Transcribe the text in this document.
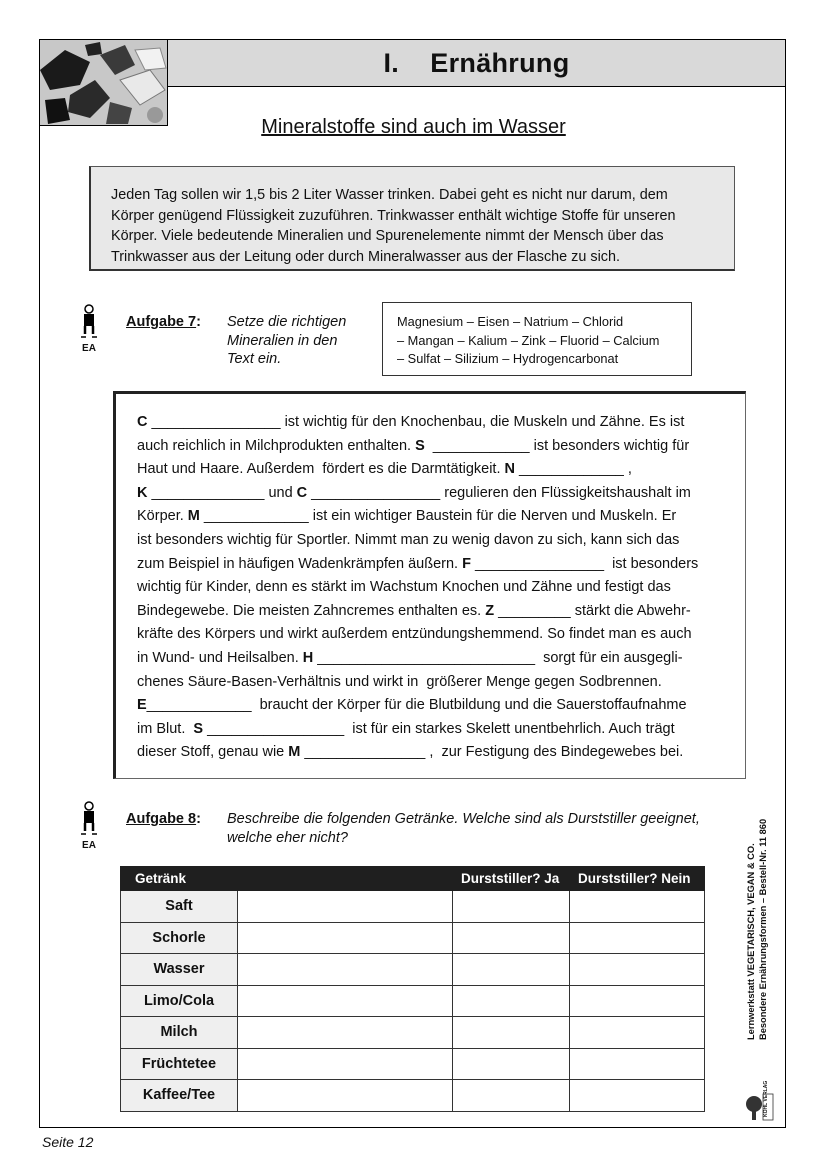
I.    Ernährung
Mineralstoffe sind auch im Wasser
Jeden Tag sollen wir 1,5 bis 2 Liter Wasser trinken. Dabei geht es nicht nur darum, dem
Körper genügend Flüssigkeit zuzuführen. Trinkwasser enthält wichtige Stoffe für unseren
Körper. Viele bedeutende Mineralien und Spurenelemente nimmt der Mensch über das
Trinkwasser aus der Leitung oder durch Mineralwasser aus der Flasche zu sich.
EA
Aufgabe 7: Setze die richtigen
Mineralien in den
Text ein.
Magnesium – Eisen – Natrium – Chlorid
– Mangan – Kalium – Zink – Fluorid – Calcium
– Sulfat – Silizium – Hydrogencarbonat

C ________________ ist wichtig für den Knochenbau, die Muskeln und Zähne. Es ist

auch reichlich in Milchprodukten enthalten. S  ____________ ist besonders wichtig für

Haut und Haare. Außerdem  fördert es die Darmtätigkeit. N _____________ ,

K ______________ und C ________________ regulieren den Flüssigkeitshaushalt im

Körper. M _____________ ist ein wichtiger Baustein für die Nerven und Muskeln. Er

ist besonders wichtig für Sportler. Nimmt man zu wenig davon zu sich, kann sich das

zum Beispiel in häufigen Wadenkrämpfen äußern. F ________________  ist besonders

wichtig für Kinder, denn es stärkt im Wachstum Knochen und Zähne und festigt das

Bindegewebe. Die meisten Zahncremes enthalten es. Z _________ stärkt die Abwehr-

kräfte des Körpers und wirkt außerdem entzündungshemmend. So findet man es auch

in Wund- und Heilsalben. H ___________________________  sorgt für ein ausgegli-

chenes Säure-Basen-Verhältnis und wirkt in  größerer Menge gegen Sodbrennen.

E_____________  braucht der Körper für die Blutbildung und die Sauerstoffaufnahme

im Blut.  S _________________  ist für ein starkes Skelett unentbehrlich. Auch trägt

dieser Stoff, genau wie M _______________ ,  zur Festigung des Bindegewebes bei.

EA
Aufgabe 8: Beschreibe die folgenden Getränke. Welche sind als Durststiller geeignet,
welche eher nicht?
Getränk		Durststiller? Ja	Durststiller? Nein
Saft			
Schorle			
Wasser			
Limo/Cola			
Milch			
Früchtetee			
Kaffee/Tee			
Lernwerkstatt VEGETARISCH, VEGAN & CO. Besondere Ernährungsformen – Bestell-Nr. 11 860
KOHL VERLAG
Seite 12
